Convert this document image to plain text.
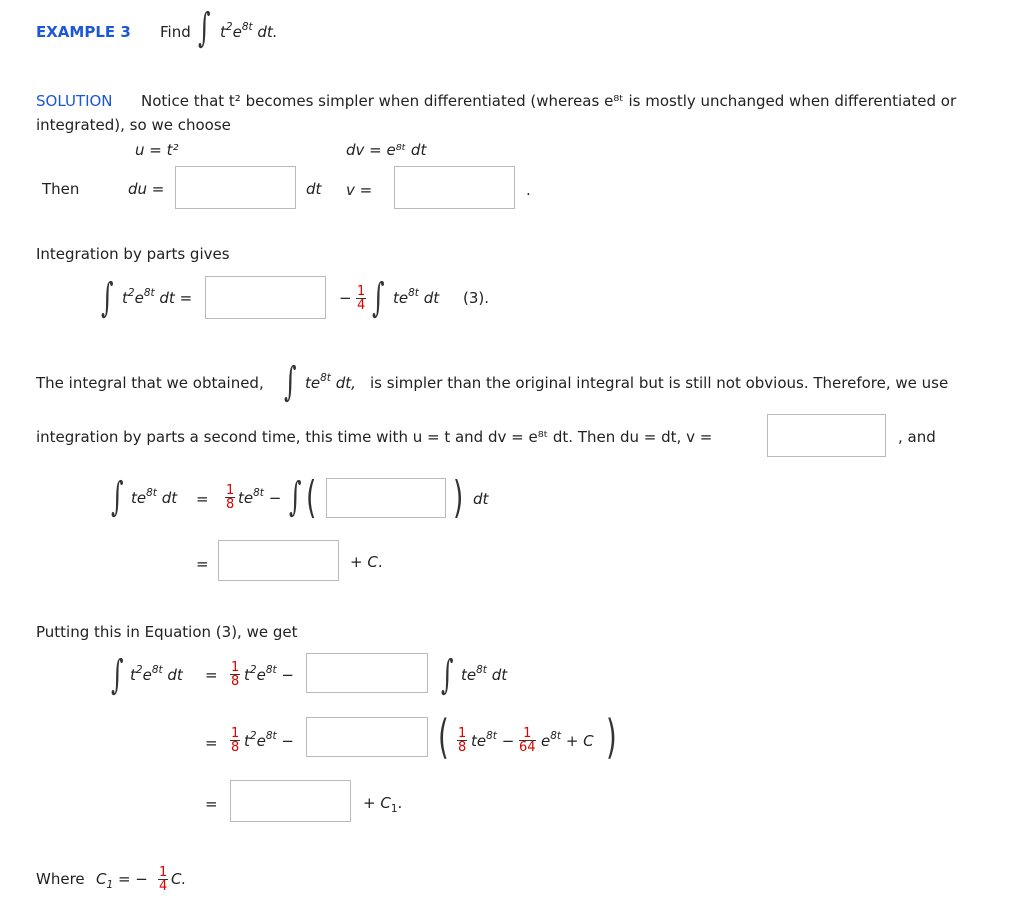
EXAMPLE 3 Find ∫ $t^2e^{8t}$ dt.
SOLUTION Notice that t² becomes simpler when differentiated (whereas e⁸ᵗ is mostly unchanged when differentiated or
integrated), so we choose
u = t²	dv = e⁸ᵗ dt
Then	du =	dt v =	.
Integration by parts gives
∫ $t^2e^{8t}$ dt =	− $\frac{1}{4}$ ∫ $te^{8t}$ dt (3).
The integral that we obtained, ∫ $te^{8t}$ dt, is simpler than the original integral but is still not obvious. Therefore, we use
integration by parts a second time, this time with u = t and dv = e⁸ᵗ dt. Then du = dt, v =	, and
∫ $te^{8t}$ dt = $\frac{1}{8} te^{8t}$ − ∫ (	) dt
=	+ C.
Putting this in Equation (3), we get
∫ $t^2e^{8t}$ dt = $\frac{1}{8} t^2e^{8t}$ −	∫ $te^{8t}$ dt
= $\frac{1}{8} t^2e^{8t}$ −	( $\frac{1}{8} te^{8t} - \frac{1}{64} e^{8t} + C$ )
=	+ $C_1$.
Where $C_1$ = − $\frac{1}{4} C$.
